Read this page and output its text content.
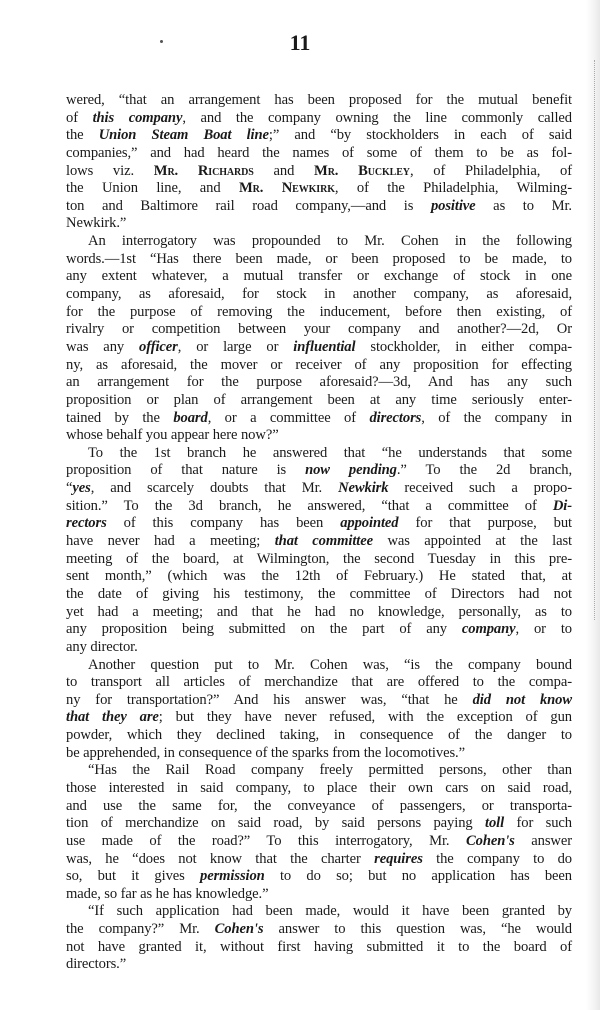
11
wered, “that an arrangement has been proposed for the mutual benefit
of this company, and the company owning the line commonly called
the Union Steam Boat line;” and “by stockholders in each of said
companies,” and had heard the names of some of them to be as fol-
lows viz. Mr. Richards and Mr. Buckley, of Philadelphia, of
the Union line, and Mr. Newkirk, of the Philadelphia, Wilming-
ton and Baltimore rail road company,—and is positive as to Mr.
Newkirk.”
An interrogatory was propounded to Mr. Cohen in the following
words.—1st “Has there been made, or been proposed to be made, to
any extent whatever, a mutual transfer or exchange of stock in one
company, as aforesaid, for stock in another company, as aforesaid,
for the purpose of removing the inducement, before then existing, of
rivalry or competition between your company and another?—2d, Or
was any officer, or large or influential stockholder, in either compa-
ny, as aforesaid, the mover or receiver of any proposition for effecting
an arrangement for the purpose aforesaid?—3d, And has any such
proposition or plan of arrangement been at any time seriously enter-
tained by the board, or a committee of directors, of the company in
whose behalf you appear here now?”
To the 1st branch he answered that “he understands that some
proposition of that nature is now pending.” To the 2d branch,
“yes, and scarcely doubts that Mr. Newkirk received such a propo-
sition.” To the 3d branch, he answered, “that a committee of Di-
rectors of this company has been appointed for that purpose, but
have never had a meeting; that committee was appointed at the last
meeting of the board, at Wilmington, the second Tuesday in this pre-
sent month,” (which was the 12th of February.) He stated that, at
the date of giving his testimony, the committee of Directors had not
yet had a meeting; and that he had no knowledge, personally, as to
any proposition being submitted on the part of any company, or to
any director.
Another question put to Mr. Cohen was, “is the company bound
to transport all articles of merchandize that are offered to the compa-
ny for transportation?” And his answer was, “that he did not know
that they are; but they have never refused, with the exception of gun
powder, which they declined taking, in consequence of the danger to
be apprehended, in consequence of the sparks from the locomotives.”
“Has the Rail Road company freely permitted persons, other than
those interested in said company, to place their own cars on said road,
and use the same for, the conveyance of passengers, or transporta-
tion of merchandize on said road, by said persons paying toll for such
use made of the road?” To this interrogatory, Mr. Cohen's answer
was, he “does not know that the charter requires the company to do
so, but it gives permission to do so; but no application has been
made, so far as he has knowledge.”
“If such application had been made, would it have been granted by
the company?” Mr. Cohen's answer to this question was, “he would
not have granted it, without first having submitted it to the board of
directors.”
